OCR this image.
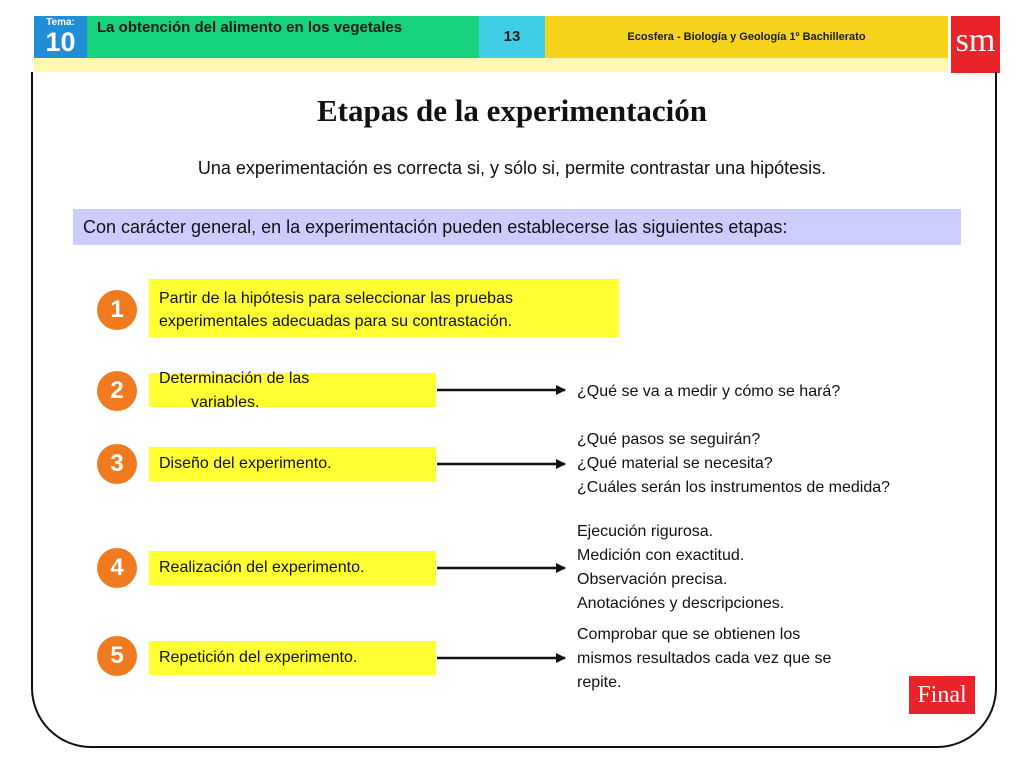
Tema:
10	La obtención del alimento en los vegetales
13	Ecosfera - Biología y Geología 1º Bachillerato	sm
Etapas de la experimentación
Una experimentación es correcta si, y sólo si, permite contrastar una hipótesis.
Con carácter general, en la experimentación pueden establecerse las siguientes etapas:
1
2
3
4
5
Partir de la hipótesis para seleccionar las pruebas
experimentales adecuadas para su contrastación.
Determinación de las
variables.
Diseño del experimento.
Realización del experimento.
Repetición del experimento.
¿Qué se va a medir y cómo se hará?
¿Qué pasos se seguirán?
¿Qué material se necesita?
¿Cuáles serán los instrumentos de medida?
Ejecución rigurosa.
Medición con exactitud.
Observación precisa.
Anotaciónes y descripciones.
Comprobar que se obtienen los
mismos resultados cada vez que se
repite.	Final
